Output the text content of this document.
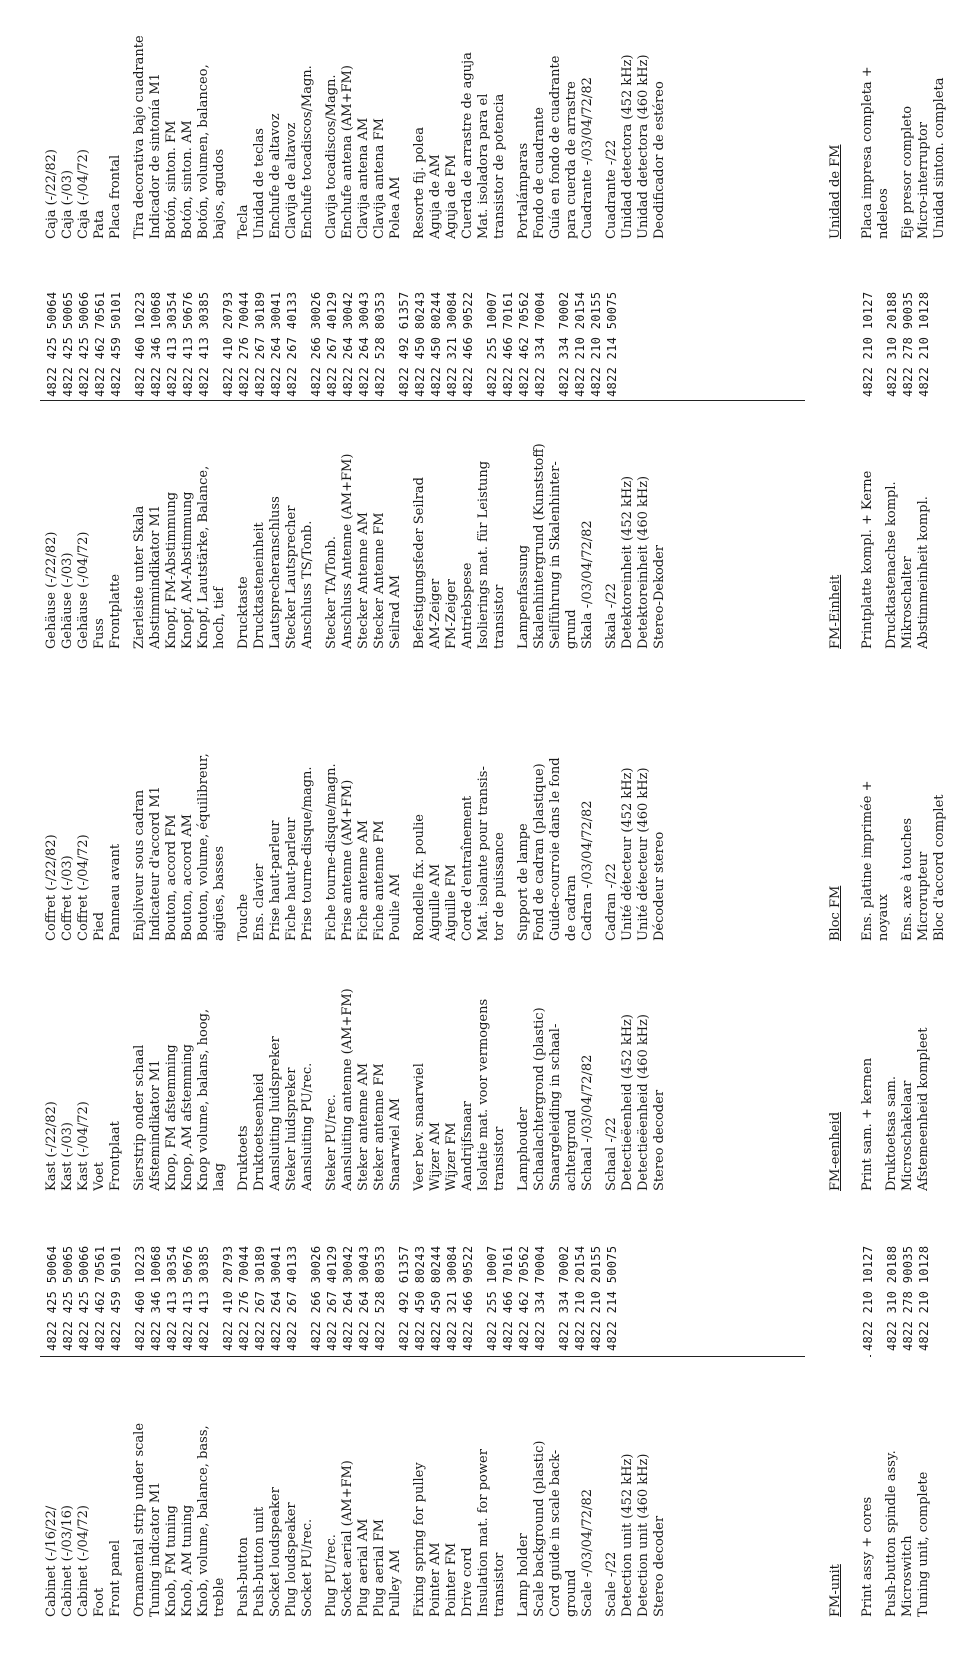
Cabinet (-/16/22/ Cabinet (-/03/16) Cabinet (-/04/72) Foot Front panel Ornamental strip under scale Tuning indicator M1 Knob, FM tuning Knob, AM tuning Knob, volume, balance, bass, treble Push-button Push-button unit Socket loudspeaker Plug loudspeaker Socket PU/rec. Plug PU/rec. Socket aerial (AM+FM) Plug aerial AM Plug aerial FM Pulley AM Fixing spring for pulley Pointer AM Pointer FM Drive cord Insulation mat. for power transistor Lamp holder Scale background (plastic) Cord guide in scale back- ground Scale -/03/04/72/82 Scale -/22 Detection unit (452 kHz) Detection unit (460 kHz) Stereo decoder
4822 425 50064 4822 425 50065 4822 425 50066 4822 462 70561 4822 459 50101 4822 460 10223 4822 346 10068 4822 413 30354 4822 413 50676 4822 413 30385 4822 410 20793 4822 276 70044 4822 267 30189 4822 264 30041 4822 267 40133 4822 266 30026 4822 267 40129 4822 264 30042 4822 264 30043 4822 528 80353 4822 492 61357 4822 450 80243 4822 450 80244 4822 321 30084 4822 466 90522 4822 255 10007 4822 466 70161 4822 462 70562 4822 334 70004 4822 334 70002 4822 210 20154 4822 210 20155 4822 214 50075
Kast (-/22/82) Kast (-/03) Kast (-/04/72) Voet Frontplaat Sierstrip onder schaal Afstemindikator M1 Knop, FM afstemming Knop, AM afstemming Knop volume, balans, hoog, laag Druktoets Druktoetseenheid Aansluiting luidspreker Steker luidspreker Aansluiting PU/rec. Steker PU/rec. Aansluiting antenne (AM+FM) Steker antenne AM Steker antenne FM Snaarwiel AM Veer bev. snaarwiel Wijzer AM Wijzer FM Aandrijfsnaar Isolatie mat. voor vermogens transistor Lamphouder Schaalachtergrond (plastic) Snaargeleiding in schaal- achtergrond Schaal -/03/04/72/82 Schaal -/22 Detectieëenheid (452 kHz) Detectieëenheid (460 kHz) Stereo decoder
Coffret (-/22/82) Coffret (-/03) Coffret (-/04/72) Pied Panneau avant Enjoliveur sous cadran Indicateur d'accord M1 Bouton, accord FM Bouton, accord AM Bouton, volume, équilibreur, aigües, basses Touche Ens. clavier Prise haut-parleur Fiche haut-parleur Prise tourne-disque/magn. Fiche tourne-disque/magn. Prise antenne (AM+FM) Fiche antenne AM Fiche antenne FM Poulie AM Rondelle fix. poulie Aiguille AM Aiguille FM Corde d'entraînement Mat. isolante pour transis- tor de puissance Support de lampe Fond de cadran (plastique) Guide-courroie dans le fond de cadran Cadran -/03/04/72/82 Cadran -/22 Unité détecteur (452 kHz) Unité détecteur (460 kHz) Décodeur stereo
Gehäuse (-/22/82) Gehäuse (-/03) Gehäuse (-/04/72) Fuss Frontplatte Zierleiste unter Skala Abstimmindikator M1 Knopf, FM-Abstimmung Knopf, AM-Abstimmung Knopf, Lautstärke, Balance, hoch, tief Drucktaste Drucktasteneinheit Lautsprecheranschluss Stecker Lautsprecher Anschluss TS/Tonb. Stecker TA/Tonb. Anschluss Antenne (AM+FM) Stecker Antenne AM Stecker Antenne FM Seilrad AM Befestigungsfeder Seilrad AM-Zeiger FM-Zeiger Antriebspese Isolierings mat. für Leistung transistor Lampenfassung Skalenhintergrund (Kunststoff) Seilführung in Skalenhinter- grund Skala -/03/04/72/82 Skala -/22 Detektoreinheit (452 kHz) Detektoreinheit (460 kHz) Stereo-Dekoder
4822 425 50064 4822 425 50065 4822 425 50066 4822 462 70561 4822 459 50101 4822 460 10223 4822 346 10068 4822 413 30354 4822 413 50676 4822 413 30385 4822 410 20793 4822 276 70044 4822 267 30189 4822 264 30041 4822 267 40133 4822 266 30026 4822 267 40129 4822 264 30042 4822 264 30043 4822 528 80353 4822 492 61357 4822 450 80243 4822 450 80244 4822 321 30084 4822 466 90522 4822 255 10007 4822 466 70161 4822 462 70562 4822 334 70004 4822 334 70002 4822 210 20154 4822 210 20155 4822 214 50075
Caja (-/22/82) Caja (-/03) Caja (-/04/72) Pata Placa frontal Tira decorativa bajo cuadrante Indicador de sintonía M1 Botón, sinton. FM Botón, sinton. AM Botón, volumen, balanceo, bajos, agudos Tecla Unidad de teclas Enchufe de altavoz Clavija de altavoz Enchufe tocadiscos/Magn. Clavija tocadiscos/Magn. Enchufe antena (AM+FM) Clavija antena AM Clavija antena FM Polea AM Resorte fij. polea Aguja de AM Aguja de FM Cuerda de arrastre de aguja Mat. isoladora para el transistor de potencia Portalámparas Fondo de cuadrante Guía en fondo de cuadrante para cuerda de arrastre Cuadrante -/03/04/72/82 Cuadrante -/22 Unidad detectora (452 kHz) Unidad detectora (460 kHz) Deodificador de estéreo
FM-unit Print assy + cores Push-button spindle assy. Microswitch Tuning unit, complete

4822 210 10127 4822 310 20188 4822 278 90035 4822 210 10128
FM-eenheid Print sam. + kernen Druktoetsas sam. Microschakelaar Afstemeenheid kompleet
Bloc FM Ens. platine imprimée + noyaux Ens. axe à touches Microrupteur Bloc d'accord complet
FM-Einheit Printplatte kompl. + Kerne Drucktastenachse kompl. Mikroschalter Abstimmeinheit kompl.

4822 210 10127 4822 310 20188 4822 278 90035 4822 210 10128
Unidad de FM Placa impresa completa + ndeleos Eje presor completo Micro-interruptor Unidad sinton. completa
